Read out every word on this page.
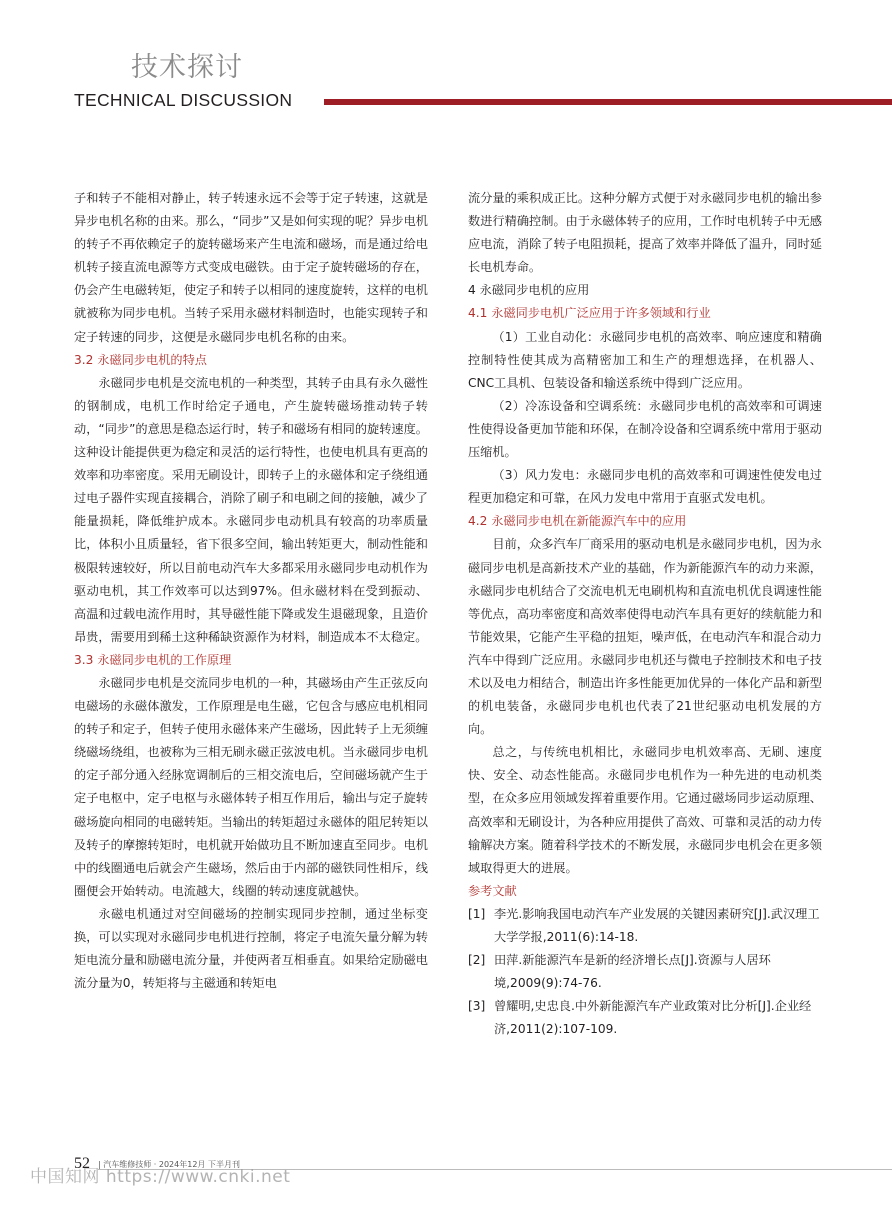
技术探讨
TECHNICAL DISCUSSION

子和转子不能相对静止，转子转速永远不会等于定子转速，这就是异步电机名称的由来。那么，“同步”又是如何实现的呢？异步电机的转子不再依赖定子的旋转磁场来产生电流和磁场，而是通过给电机转子接直流电源等方式变成电磁铁。由于定子旋转磁场的存在，仍会产生电磁转矩，使定子和转子以相同的速度旋转，这样的电机就被称为同步电机。当转子采用永磁材料制造时，也能实现转子和定子转速的同步，这便是永磁同步电机名称的由来。

3.2 永磁同步电机的特点

永磁同步电机是交流电机的一种类型，其转子由具有永久磁性的钢制成，电机工作时给定子通电，产生旋转磁场推动转子转动，“同步”的意思是稳态运行时，转子和磁场有相同的旋转速度。这种设计能提供更为稳定和灵活的运行特性，也使电机具有更高的效率和功率密度。采用无刷设计，即转子上的永磁体和定子绕组通过电子器件实现直接耦合，消除了刷子和电刷之间的接触，减少了能量损耗，降低维护成本。永磁同步电动机具有较高的功率质量比，体积小且质量轻，省下很多空间，输出转矩更大，制动性能和极限转速较好，所以目前电动汽车大多都采用永磁同步电动机作为驱动电机，其工作效率可以达到97%。但永磁材料在受到振动、高温和过载电流作用时，其导磁性能下降或发生退磁现象，且造价昂贵，需要用到稀土这种稀缺资源作为材料，制造成本不太稳定。

3.3 永磁同步电机的工作原理

永磁同步电机是交流同步电机的一种，其磁场由产生正弦反向电磁场的永磁体激发，工作原理是电生磁，它包含与感应电机相同的转子和定子，但转子使用永磁体来产生磁场，因此转子上无须缠绕磁场绕组，也被称为三相无刷永磁正弦波电机。当永磁同步电机的定子部分通入经脉宽调制后的三相交流电后，空间磁场就产生于定子电枢中，定子电枢与永磁体转子相互作用后，输出与定子旋转磁场旋向相同的电磁转矩。当输出的转矩超过永磁体的阻尼转矩以及转子的摩擦转矩时，电机就开始做功且不断加速直至同步。电机中的线圈通电后就会产生磁场，然后由于内部的磁铁同性相斥，线圈便会开始转动。电流越大，线圈的转动速度就越快。

永磁电机通过对空间磁场的控制实现同步控制，通过坐标变换，可以实现对永磁同步电机进行控制，将定子电流矢量分解为转矩电流分量和励磁电流分量，并使两者互相垂直。如果给定励磁电流分量为0，转矩将与主磁通和转矩电

流分量的乘积成正比。这种分解方式便于对永磁同步电机的输出参数进行精确控制。由于永磁体转子的应用，工作时电机转子中无感应电流，消除了转子电阻损耗，提高了效率并降低了温升，同时延长电机寿命。

4 永磁同步电机的应用
4.1 永磁同步电机广泛应用于许多领域和行业

（1）工业自动化：永磁同步电机的高效率、响应速度和精确控制特性使其成为高精密加工和生产的理想选择，在机器人、CNC工具机、包装设备和输送系统中得到广泛应用。

（2）冷冻设备和空调系统：永磁同步电机的高效率和可调速性使得设备更加节能和环保，在制冷设备和空调系统中常用于驱动压缩机。

（3）风力发电：永磁同步电机的高效率和可调速性使发电过程更加稳定和可靠，在风力发电中常用于直驱式发电机。

4.2 永磁同步电机在新能源汽车中的应用

目前，众多汽车厂商采用的驱动电机是永磁同步电机，因为永磁同步电机是高新技术产业的基础，作为新能源汽车的动力来源，永磁同步电机结合了交流电机无电刷机构和直流电机优良调速性能等优点，高功率密度和高效率使得电动汽车具有更好的续航能力和节能效果，它能产生平稳的扭矩，噪声低，在电动汽车和混合动力汽车中得到广泛应用。永磁同步电机还与微电子控制技术和电子技术以及电力相结合，制造出许多性能更加优异的一体化产品和新型的机电装备，永磁同步电机也代表了21世纪驱动电机发展的方向。

总之，与传统电机相比，永磁同步电机效率高、无刷、速度快、安全、动态性能高。永磁同步电机作为一种先进的电动机类型，在众多应用领域发挥着重要作用。它通过磁场同步运动原理、高效率和无刷设计，为各种应用提供了高效、可靠和灵活的动力传输解决方案。随着科学技术的不断发展，永磁同步电机会在更多领域取得更大的进展。

参考文献
[1] 李光.影响我国电动汽车产业发展的关键因素研究[J].武汉理工大学学报,2011(6):14-18.
[2] 田萍.新能源汽车是新的经济增长点[J].资源与人居环境,2009(9):74-76.
[3] 曾耀明,史忠良.中外新能源汽车产业政策对比分析[J].企业经济,2011(2):107-109.
52 | 汽车维修技师 · 2024年12月 下半月刊
中国知网 https://www.cnki.net
